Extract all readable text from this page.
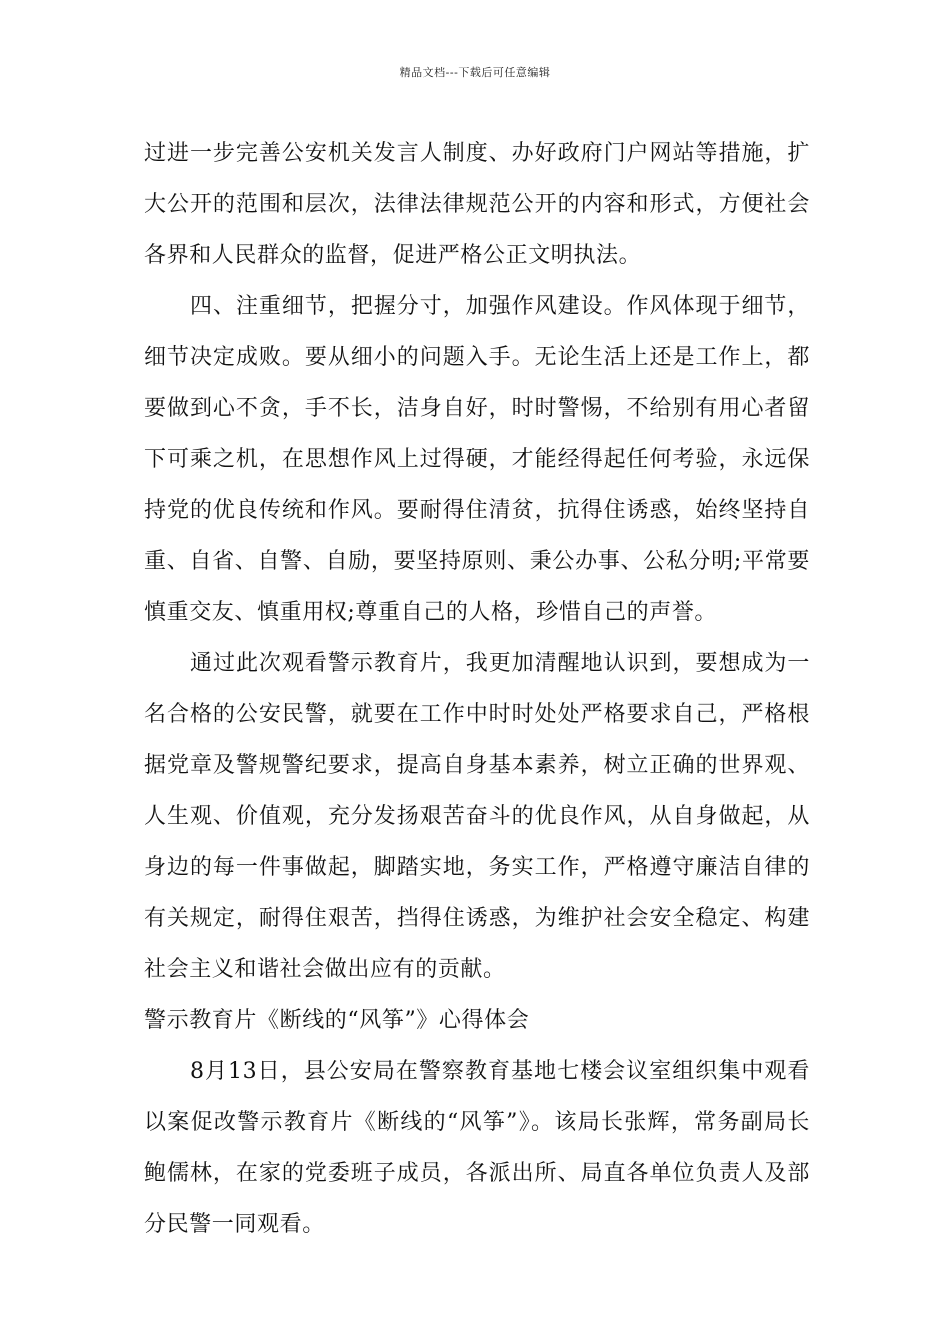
精品文档---下载后可任意编辑

过进一步完善公安机关发言人制度、办好政府门户网站等措施，扩大公开的范围和层次，法律法律规范公开的内容和形式，方便社会各界和人民群众的监督，促进严格公正文明执法。

四、注重细节，把握分寸，加强作风建设。作风体现于细节，细节决定成败。要从细小的问题入手。无论生活上还是工作上，都要做到心不贪，手不长，洁身自好，时时警惕，不给别有用心者留下可乘之机，在思想作风上过得硬，才能经得起任何考验，永远保持党的优良传统和作风。要耐得住清贫，抗得住诱惑，始终坚持自重、自省、自警、自励，要坚持原则、秉公办事、公私分明;平常要慎重交友、慎重用权;尊重自己的人格，珍惜自己的声誉。

通过此次观看警示教育片，我更加清醒地认识到，要想成为一名合格的公安民警，就要在工作中时时处处严格要求自己，严格根据党章及警规警纪要求，提高自身基本素养，树立正确的世界观、人生观、价值观，充分发扬艰苦奋斗的优良作风，从自身做起，从身边的每一件事做起，脚踏实地，务实工作，严格遵守廉洁自律的有关规定，耐得住艰苦，挡得住诱惑，为维护社会安全稳定、构建社会主义和谐社会做出应有的贡献。

警示教育片《断线的“风筝”》心得体会

8月13日，县公安局在警察教育基地七楼会议室组织集中观看以案促改警示教育片《断线的“风筝”》。该局长张辉，常务副局长鲍儒林，在家的党委班子成员，各派出所、局直各单位负责人及部分民警一同观看。
